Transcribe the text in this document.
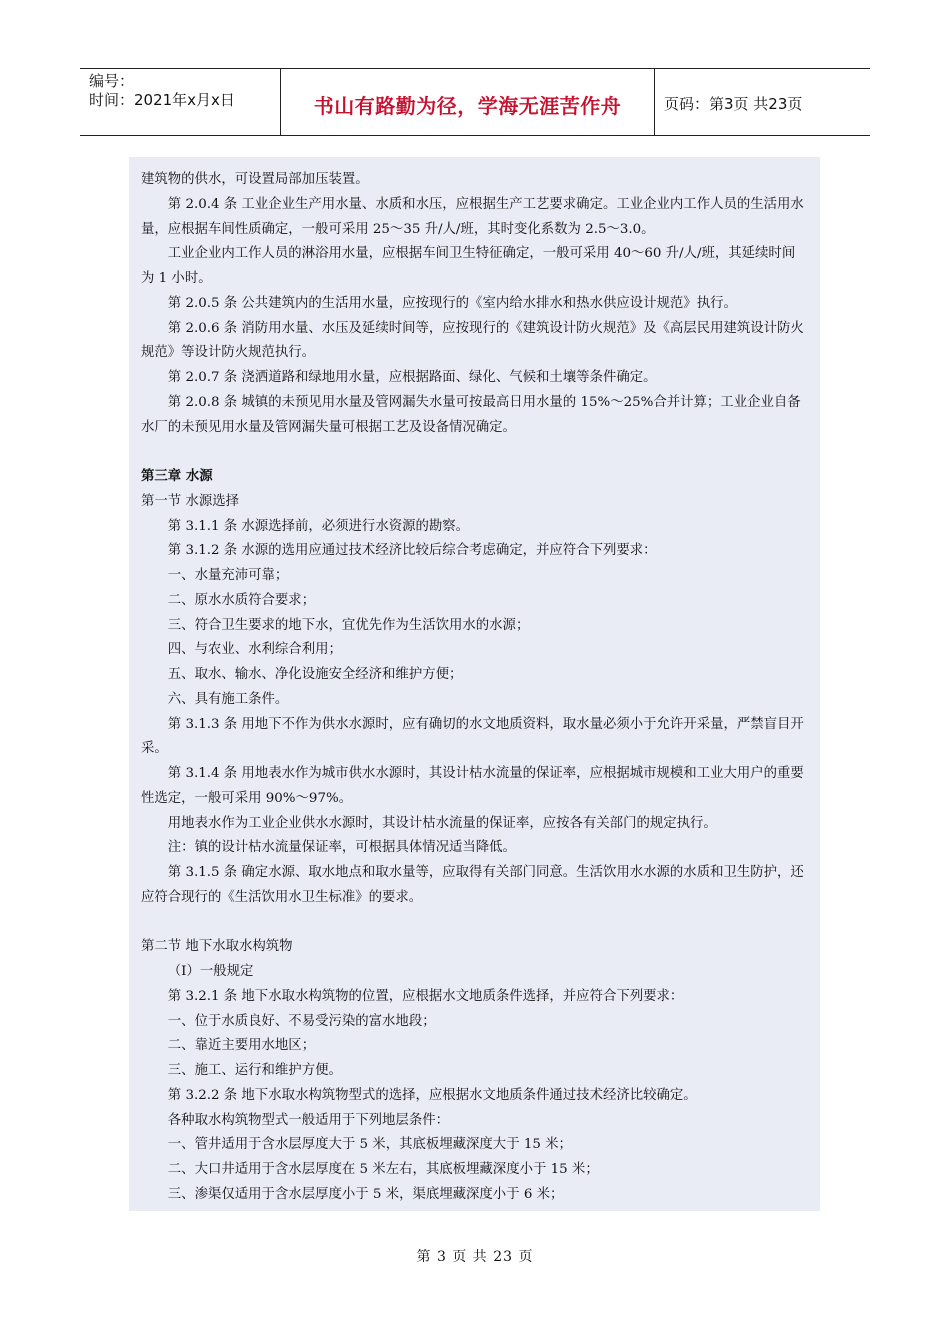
编号：
时间：2021年x月x日	书山有路勤为径，学海无涯苦作舟	页码：第3页 共23页

建筑物的供水，可设置局部加压装置。

第 2.0.4 条 工业企业生产用水量、水质和水压，应根据生产工艺要求确定。工业企业内工作人员的生活用水量，应根据车间性质确定，一般可采用 25～35 升/人/班，其时变化系数为 2.5～3.0。

工业企业内工作人员的淋浴用水量，应根据车间卫生特征确定，一般可采用 40～60 升/人/班，其延续时间为 1 小时。

第 2.0.5 条 公共建筑内的生活用水量，应按现行的《室内给水排水和热水供应设计规范》执行。

第 2.0.6 条 消防用水量、水压及延续时间等，应按现行的《建筑设计防火规范》及《高层民用建筑设计防火规范》等设计防火规范执行。

第 2.0.7 条 浇洒道路和绿地用水量，应根据路面、绿化、气候和土壤等条件确定。

第 2.0.8 条 城镇的未预见用水量及管网漏失水量可按最高日用水量的 15%～25%合并计算；工业企业自备水厂的未预见用水量及管网漏失量可根据工艺及设备情况确定。

第三章 水源

第一节 水源选择

第 3.1.1 条 水源选择前，必须进行水资源的勘察。

第 3.1.2 条 水源的选用应通过技术经济比较后综合考虑确定，并应符合下列要求：

一、水量充沛可靠；

二、原水水质符合要求；

三、符合卫生要求的地下水，宜优先作为生活饮用水的水源；

四、与农业、水利综合利用；

五、取水、输水、净化设施安全经济和维护方便；

六、具有施工条件。

第 3.1.3 条 用地下不作为供水水源时，应有确切的水文地质资料，取水量必须小于允许开采量，严禁盲目开采。

第 3.1.4 条 用地表水作为城市供水水源时，其设计枯水流量的保证率，应根据城市规模和工业大用户的重要性选定，一般可采用 90%～97%。

用地表水作为工业企业供水水源时，其设计枯水流量的保证率，应按各有关部门的规定执行。

注：镇的设计枯水流量保证率，可根据具体情况适当降低。

第 3.1.5 条 确定水源、取水地点和取水量等，应取得有关部门同意。生活饮用水水源的水质和卫生防护，还应符合现行的《生活饮用水卫生标准》的要求。

第二节 地下水取水构筑物

（I）一般规定

第 3.2.1 条 地下水取水构筑物的位置，应根据水文地质条件选择，并应符合下列要求：

一、位于水质良好、不易受污染的富水地段；

二、靠近主要用水地区；

三、施工、运行和维护方便。

第 3.2.2 条 地下水取水构筑物型式的选择，应根据水文地质条件通过技术经济比较确定。

各种取水构筑物型式一般适用于下列地层条件：

一、管井适用于含水层厚度大于 5 米，其底板埋藏深度大于 15 米；

二、大口井适用于含水层厚度在 5 米左右，其底板埋藏深度小于 15 米；

三、渗渠仅适用于含水层厚度小于 5 米，渠底埋藏深度小于 6 米；

第 3 页 共 23 页
